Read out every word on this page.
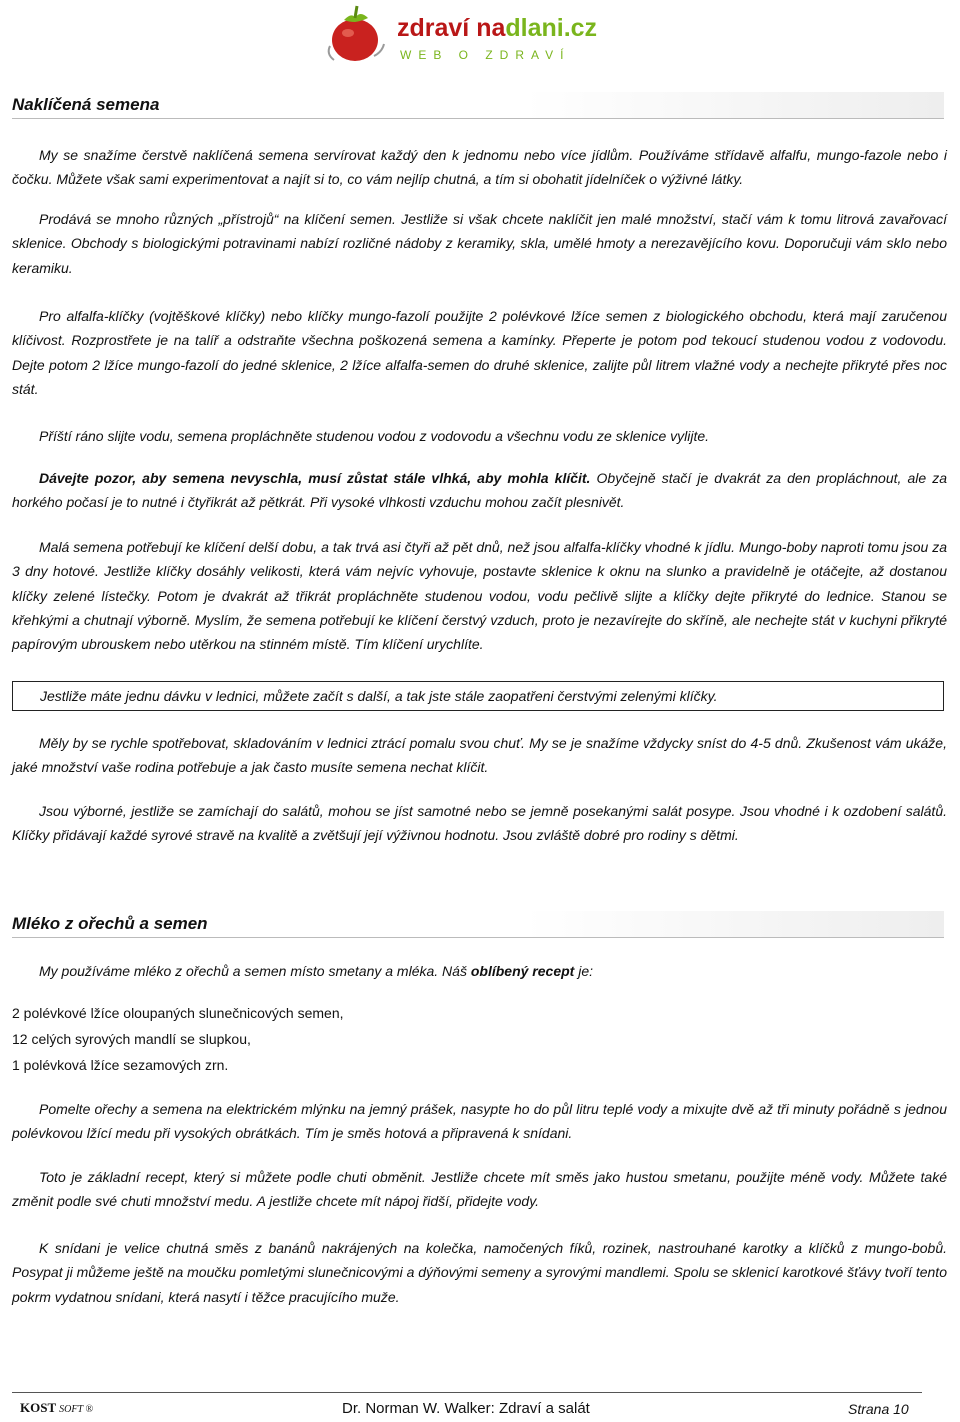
zdraví nadlani.cz
WEB O ZDRAVÍ
Naklíčená semena
My se snažíme čerstvě naklíčená semena servírovat každý den k jednomu nebo více jídlům. Používáme střídavě alfalfu, mungo-fazole nebo i čočku. Můžete však sami experimentovat a najít si to, co vám nejlíp chutná, a tím si obohatit jídelníček o výživné látky.
Prodává se mnoho různých „přístrojů“ na klíčení semen. Jestliže si však chcete naklíčit jen malé množství, stačí vám k tomu litrová zavařovací sklenice. Obchody s biologickými potravinami nabízí rozličné nádoby z keramiky, skla, umělé hmoty a nerezavějícího kovu. Doporučuji vám sklo nebo keramiku.
Pro alfalfa-klíčky (vojtěškové klíčky) nebo klíčky mungo-fazolí použijte 2 polévkové lžíce semen z biologického obchodu, která mají zaručenou klíčivost. Rozprostřete je na talíř a odstraňte všechna poškozená semena a kamínky. Přeperte je potom pod tekoucí studenou vodou z vodovodu. Dejte potom 2 lžíce mungo-fazolí do jedné sklenice, 2 lžíce alfalfa-semen do druhé sklenice, zalijte půl litrem vlažné vody a nechejte přikryté přes noc stát.
Příští ráno slijte vodu, semena propláchněte studenou vodou z vodovodu a všechnu vodu ze sklenice vylijte.
Dávejte pozor, aby semena nevyschla, musí zůstat stále vlhká, aby mohla klíčit. Obyčejně stačí je dvakrát za den propláchnout, ale za horkého počasí je to nutné i čtyřikrát až pětkrát. Při vysoké vlhkosti vzduchu mohou začít plesnivět.
Malá semena potřebují ke klíčení delší dobu, a tak trvá asi čtyři až pět dnů, než jsou alfalfa-klíčky vhodné k jídlu. Mungo-boby naproti tomu jsou za 3 dny hotové. Jestliže klíčky dosáhly velikosti, která vám nejvíc vyhovuje, postavte sklenice k oknu na slunko a pravidelně je otáčejte, až dostanou klíčky zelené lístečky. Potom je dvakrát až třikrát propláchněte studenou vodou, vodu pečlivě slijte a klíčky dejte přikryté do lednice. Stanou se křehkými a chutnají výborně. Myslím, že semena potřebují ke klíčení čerstvý vzduch, proto je nezavírejte do skříně, ale nechejte stát v kuchyni přikryté papírovým ubrouskem nebo utěrkou na stinném místě. Tím klíčení urychlíte.
Jestliže máte jednu dávku v lednici, můžete začít s další, a tak jste stále zaopatřeni čerstvými zelenými klíčky.
Měly by se rychle spotřebovat, skladováním v lednici ztrácí pomalu svou chuť. My se je snažíme vždycky sníst do 4-5 dnů. Zkušenost vám ukáže, jaké množství vaše rodina potřebuje a jak často musíte semena nechat klíčit.
Jsou výborné, jestliže se zamíchají do salátů, mohou se jíst samotné nebo se jemně posekanými salát posype. Jsou vhodné i k ozdobení salátů. Klíčky přidávají každé syrové stravě na kvalitě a zvětšují její výživnou hodnotu. Jsou zvláště dobré pro rodiny s dětmi.
Mléko z ořechů a semen
My používáme mléko z ořechů a semen místo smetany a mléka. Náš oblíbený recept je:
2 polévkové lžíce oloupaných slunečnicových semen,
12 celých syrových mandlí se slupkou,
1 polévková lžíce sezamových zrn.
Pomelte ořechy a semena na elektrickém mlýnku na jemný prášek, nasypte ho do půl litru teplé vody a mixujte dvě až tři minuty pořádně s jednou polévkovou lžící medu při vysokých obrátkách. Tím je směs hotová a připravená k snídani.
Toto je základní recept, který si můžete podle chuti obměnit. Jestliže chcete mít směs jako hustou smetanu, použijte méně vody. Můžete také změnit podle své chuti množství medu. A jestliže chcete mít nápoj řidší, přidejte vody.
K snídani je velice chutná směs z banánů nakrájených na kolečka, namočených fíků, rozinek, nastrouhané karotky a klíčků z mungo-bobů. Posypat ji můžeme ještě na moučku pomletými slunečnicovými a dýňovými semeny a syrovými mandlemi. Spolu se sklenicí karotkové šťávy tvoří tento pokrm vydatnou snídani, která nasytí i těžce pracujícího muže.
KOST SOFT ®	Dr. Norman W. Walker: Zdraví a salát	Strana 10
